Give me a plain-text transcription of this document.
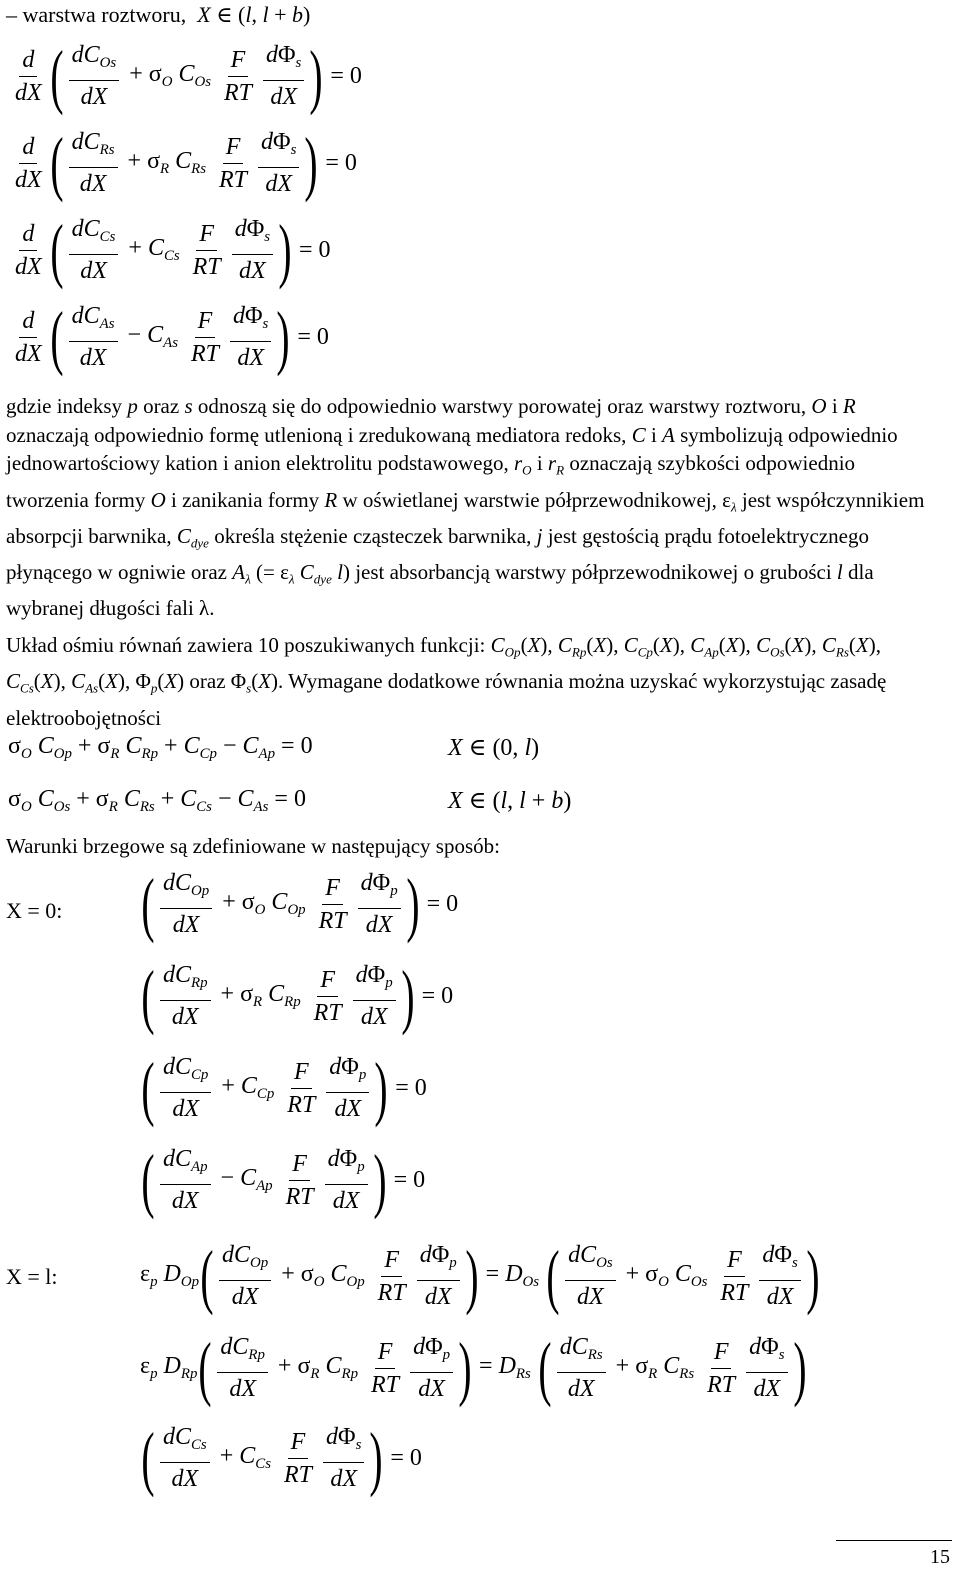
– warstwa roztworu,  X ∈ (l, l + b)
$\frac{d}{dX}$ ( $\frac{dC_{Os}}{dX} + \sigma_O$ $C_{Os} \frac{F}{RT} \frac{d\Phi_s}{dX}$ ) = 0
$\frac{d}{dX}$ ( $\frac{dC_{Rs}}{dX} + \sigma_R$ $C_{Rs} \frac{F}{RT} \frac{d\Phi_s}{dX}$ ) = 0
$\frac{d}{dX}$ ( $\frac{dC_{Cs}}{dX} + C_{Cs} \frac{F}{RT} \frac{d\Phi_s}{dX}$ ) = 0
$\frac{d}{dX}$ ( $\frac{dC_{As}}{dX} - C_{As} \frac{F}{RT} \frac{d\Phi_s}{dX}$ ) = 0
gdzie indeksy p oraz s odnoszą się do odpowiednio warstwy porowatej oraz warstwy roztworu, O i R oznaczają odpowiednio formę utlenioną i zredukowaną mediatora redoks, C i A symbolizują odpowiednio jednowartościowy kation i anion elektrolitu podstawowego, $r_O$ i $r_R$ oznaczają szybkości odpowiednio tworzenia formy O i zanikania formy R w oświetlanej warstwie półprzewodnikowej, $\varepsilon_\lambda$ jest współczynnikiem absorpcji barwnika, $C_{dye}$ określa stężenie cząsteczek barwnika, j jest gęstością prądu fotoelektrycznego płynącego w ogniwie oraz $A_\lambda$ (= $\varepsilon_\lambda$ $C_{dye}$ l) jest absorbancją warstwy półprzewodnikowej o grubości l dla wybranej długości fali λ.
Układ ośmiu równań zawiera 10 poszukiwanych funkcji: $C_{Op}(X)$, $C_{Rp}(X)$, $C_{Cp}(X)$, $C_{Ap}(X)$, $C_{Os}(X)$, $C_{Rs}(X)$, $C_{Cs}(X)$, $C_{As}(X)$, $\Phi_p(X)$ oraz $\Phi_s(X)$. Wymagane dodatkowe równania można uzyskać wykorzystując zasadę elektroobojętności
$\sigma_O$ $C_{Op} + \sigma_R$ $C_{Rp} + C_{Cp} - C_{Ap} = 0$	X ∈ (0, l)
$\sigma_O$ $C_{Os} + \sigma_R$ $C_{Rs} + C_{Cs} - C_{As} = 0$	X ∈ (l, l + b)
Warunki brzegowe są zdefiniowane w następujący sposób:
X = 0: ( $\frac{dC_{Op}}{dX} + \sigma_O$ $C_{Op} \frac{F}{RT} \frac{d\Phi_p}{dX}$ ) = 0
( $\frac{dC_{Rp}}{dX} + \sigma_R$ $C_{Rp} \frac{F}{RT} \frac{d\Phi_p}{dX}$ ) = 0
( $\frac{dC_{Cp}}{dX} + C_{Cp} \frac{F}{RT} \frac{d\Phi_p}{dX}$ ) = 0
( $\frac{dC_{Ap}}{dX} - C_{Ap} \frac{F}{RT} \frac{d\Phi_p}{dX}$ ) = 0
X = l:	$\varepsilon_p$ $D_{Op}$ ( $\frac{dC_{Op}}{dX} + \sigma_O$ $C_{Op} \frac{F}{RT} \frac{d\Phi_p}{dX}$ ) = $D_{Os}$ ( $\frac{dC_{Os}}{dX} + \sigma_O$ $C_{Os} \frac{F}{RT} \frac{d\Phi_s}{dX}$ )
$\varepsilon_p$ $D_{Rp}$ ( $\frac{dC_{Rp}}{dX} + \sigma_R$ $C_{Rp} \frac{F}{RT} \frac{d\Phi_p}{dX}$ ) = $D_{Rs}$ ( $\frac{dC_{Rs}}{dX} + \sigma_R$ $C_{Rs} \frac{F}{RT} \frac{d\Phi_s}{dX}$ )
( $\frac{dC_{Cs}}{dX} + C_{Cs} \frac{F}{RT} \frac{d\Phi_s}{dX}$ ) = 0
15
